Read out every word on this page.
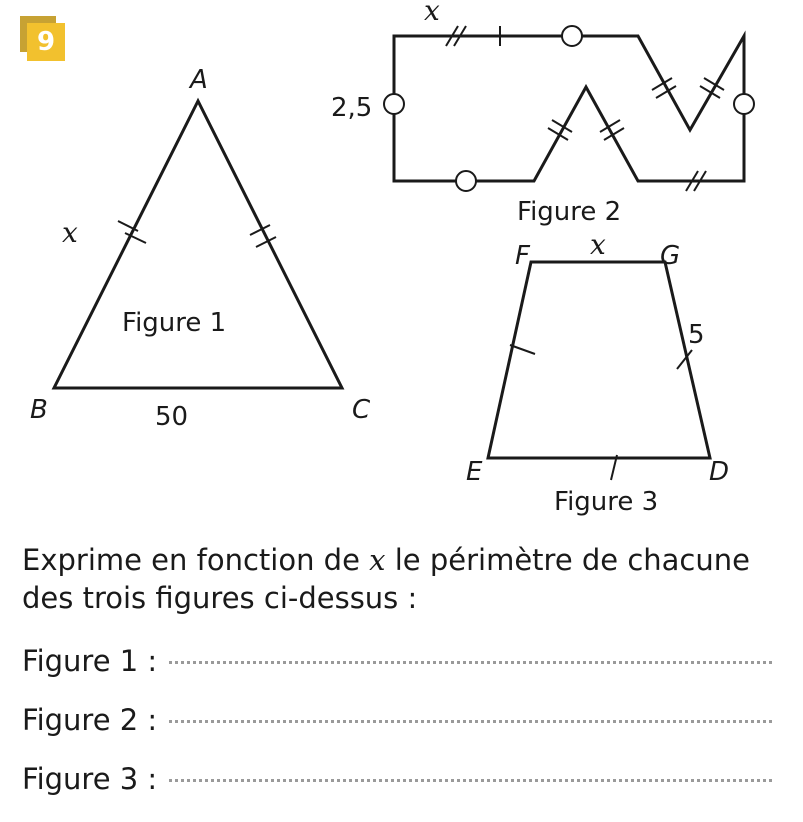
9
A
B	C
x
50
Figure 1
x
2,5
Figure 2
F	G
E	D
x
5
Figure 3
Exprime en fonction de x le périmètre de chacune des trois figures ci-dessus :
Figure 1 :
Figure 2 :
Figure 3 :
